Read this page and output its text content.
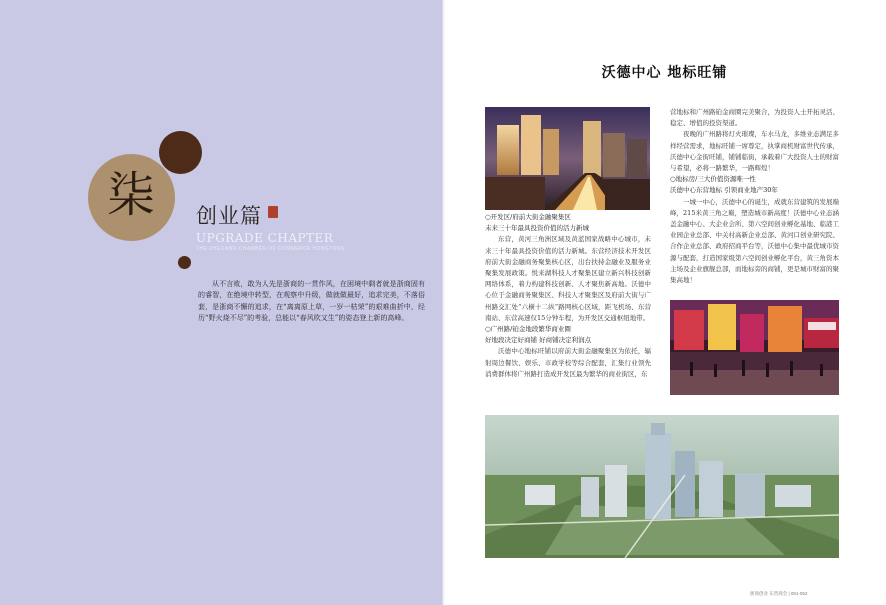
柒	创业篇
UPGRADE CHAPTER
THE ZHEJIANG CHAMBER OF COMMERCE HONGTONG

从不言败，敢为人先是浙商的一贯作风，在困境中剩者就是浙商固有的睿智，在绝境中转型，在观察中升级，做就做最好，追求完美，不落俗套，是浙商不懈的追求，在“离离原上草，一岁一枯荣”的艰难曲折中，经历“野火烧不尽”的考验，总能以“春风吹又生”的姿态登上新的高峰。

沃德中心 地标旺铺
○开发区/府前大街金融聚集区
未来三十年最具投资价值的活力新城
东营，黄河三角洲区域及黄蓝国家战略中心城市，未来三十年最具投资价值的活力新城。东营经济技术开发区府前大街金融商务聚集核心区，出台扶持金融业及服务业聚集发展政策。悦来湖科技人才聚集区建立新兴科技创新网络体系，着力构建科技创新、人才聚焦新高地。沃德中心位于金融商务聚集区、科技人才聚集区及府前大街与广州路交汇处“六横十二纵”路网核心区域，距飞机场、东营南站、东营高速仅15分钟车程，为开发区交通枢纽地带。
○广州路/铂金地段繁华商业圈
好地段决定好商铺 好商铺决定利润点
沃德中心地标旺铺以府前大街金融聚集区为依托，辐射周边餐饮、娱乐、市政学校等综合配套，汇集行业领先消费群体将广州路打造成开发区最为繁华的商业街区，东
营地标和广州路铂金商圈完美聚合，为投资人士开拓灵活、稳定、增值的投资渠道。
夜晚的广州路将灯火璀璨，车水马龙，多维业态满足多样经营需求，地标旺铺一席尊定，执掌商机财富世代传承，沃德中心金街旺铺，铺铺临街，承载着广大投资人士的财富与希望，必将一路繁华，一路辉煌！
○地标房/三大价值资源唯一性
沃德中心东营地标 引领商业地产30年
一城一中心，沃德中心的诞生，成就东营建筑的发展巅峰，215米黄三角之巅，塑造城市新高度！沃德中心业态涵盖金融中心、大企业会所、第六空间创业孵化基地、临港工业园企业总部、中关村高新企业总部、黄河口创业研究院、合作企业总部、政府招商平台等，沃德中心集中最优城市资源与配套，打造国家级第六空间创业孵化平台，黄三角资本主场及企业旗舰总部，而地标旁的商铺，更是城市财富的聚集高地！
浙商创业 东营商会 | 051-052
